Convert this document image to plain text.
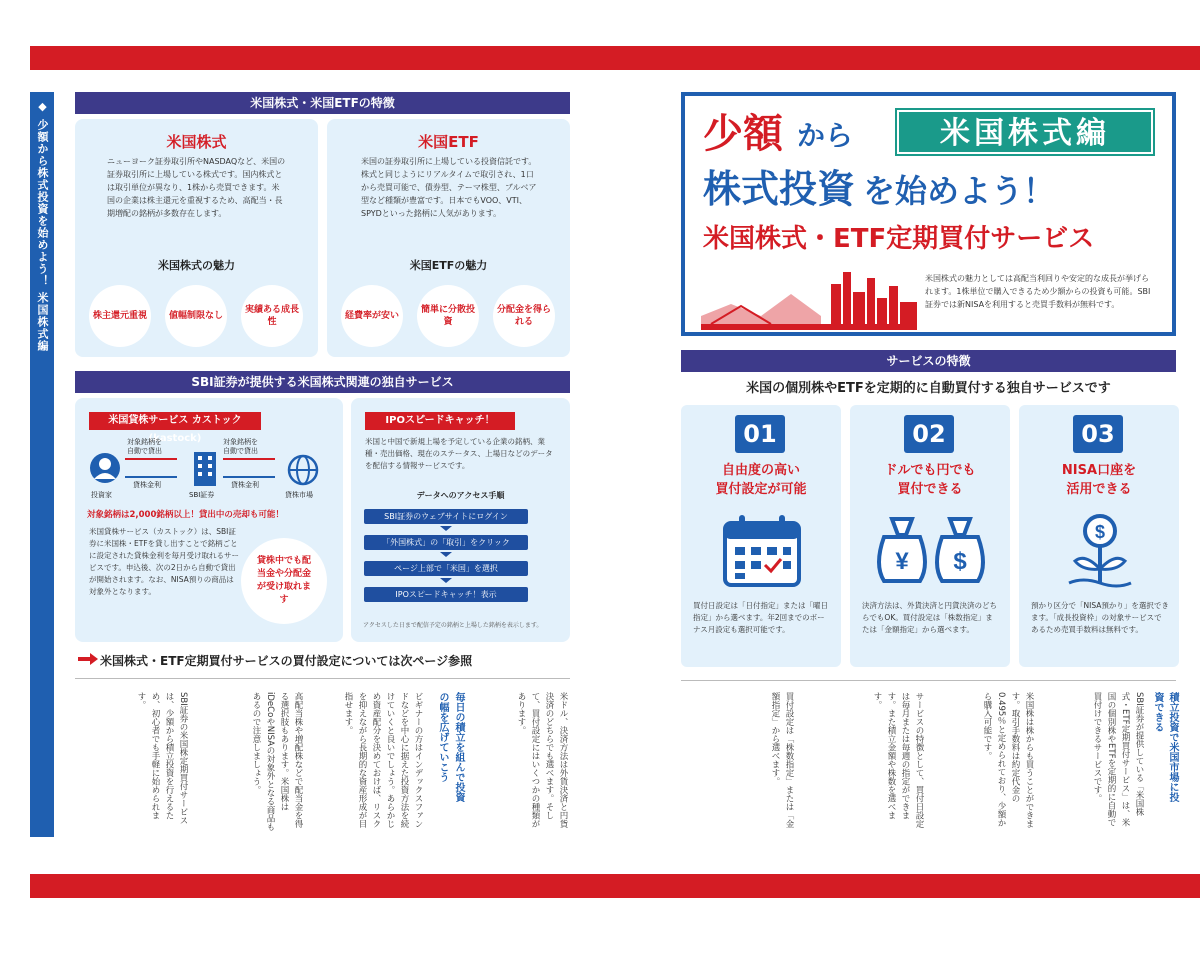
◆ 少額から株式投資を始めよう！ 米国株式編	米国株式・米国ETFの特徴
米国株式
ニューヨーク証券取引所やNASDAQなど、米国の証券取引所に上場している株式です。国内株式とは取引単位が異なり、1株から売買できます。米国の企業は株主還元を重視するため、高配当・長期増配の銘柄が多数存在します。
米国株式の魅力
株主還元重視	値幅制限なし
実績ある成長性
米国ETF
米国の証券取引所に上場している投資信託です。株式と同じようにリアルタイムで取引され、1口から売買可能で、債券型、テーマ株型、ブルベア型など種類が豊富です。日本でもVOO、VTI、SPYDといった銘柄に人気があります。
米国ETFの魅力
経費率が安い
簡単に分散投資
分配金を得られる
SBI証券が提供する米国株式関連の独自サービス
米国貸株サービス カストック(kastock)
対象銘柄を
自動で貸出
対象銘柄を
自動で貸出
投資家
貸株金利
SBI証券
貸株金利
貸株市場
対象銘柄は2,000銘柄以上！貸出中の売却も可能！
米国貸株サービス（カストック）は、SBI証券に米国株・ETFを貸し出すことで銘柄ごとに設定された貸株金利を毎月受け取れるサービスです。申込後、次の2日から自動で貸出が開始されます。なお、NISA預りの商品は対象外となります。
貸株中でも配当金や分配金が受け取れます
IPOスピードキャッチ！
米国と中国で新規上場を予定している企業の銘柄、業種・売出価格、現在のステータス、上場日などのデータを配信する情報サービスです。
データへのアクセス手順
アクセスした日まで配信予定の銘柄と上場した銘柄を表示します。
SBI証券のウェブサイトにログイン
「外国株式」の「取引」をクリック
ページ上部で「米国」を選択
IPOスピードキャッチ！表示
米国株式・ETF定期買付サービスの買付設定については次ページ参照
米ドル、決済方法は外貨決済と円貨決済のどちらでも選べます。そして、買付設定にはいくつかの種類があります。
毎日の積立を組んで投資の幅を広げていこう
ビギナーの方はインデックスファンドなどを中心に据えた投資方法を続けていくと良いでしょう。あらかじめ資産配分を決めておけば、リスクを抑えながら長期的な資産形成が目指せます。
高配当株や増配株などで配当金を得る選択肢もあります。米国株はiDeCoやNISAの対象外となる商品もあるので注意しましょう。
SBI証券の米国株定期買付サービスは、少額から積立投資を行えるため、初心者でも手軽に始められます。
少額 から	米国株式編
株式投資 を始めよう！
米国株式・ETF定期買付サービス
米国株式の魅力としては高配当利回りや安定的な成長が挙げられます。1株単位で購入できるため少額からの投資も可能。SBI証券では新NISAを利用すると売買手数料が無料です。
サービスの特徴
米国の個別株やETFを定期的に自動買付する独自サービスです
01
自由度の高い
買付設定が可能
買付日設定は「日付指定」または「曜日指定」から選べます。年2回までのボーナス月設定も選択可能です。
02
ドルでも円でも
買付できる
¥ $
決済方法は、外貨決済と円貨決済のどちらでもOK。買付設定は「株数指定」または「金額指定」から選べます。
03
NISA口座を
活用できる
$
預かり区分で「NISA預かり」を選択できます。「成長投資枠」の対象サービスであるため売買手数料は無料です。
積立投資で米国市場に投資できる
SBI証券が提供している「米国株式・ETF定期買付サービス」は、米国の個別株やETFを定期的に自動で買付けできるサービスです。
米国株は株からも買うことができます。取引手数料は約定代金の0.495％と定められており、少額から購入可能です。
サービスの特徴として、買付日設定は毎月または毎週の指定ができます。また積立金額や株数を選べます。
買付設定は「株数指定」または「金額指定」から選べます。
